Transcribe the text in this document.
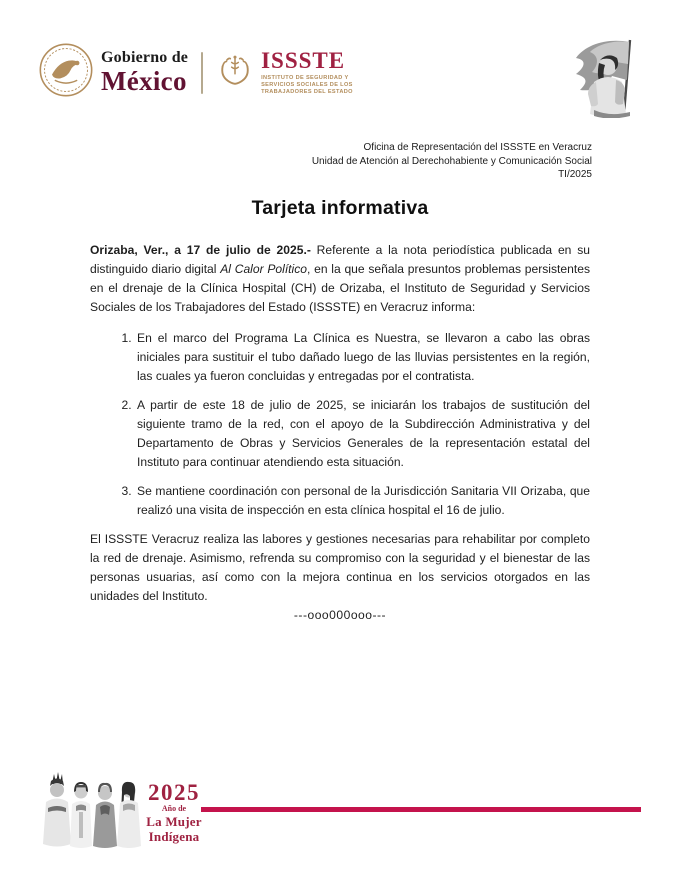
Gobierno de
México
ISSSTE
INSTITUTO DE SEGURIDAD Y SERVICIOS SOCIALES DE LOS TRABAJADORES DEL ESTADO
Oficina de Representación del ISSSTE en Veracruz
Unidad de Atención al Derechohabiente y Comunicación Social
TI/2025
Tarjeta informativa

Orizaba, Ver., a 17 de julio de 2025.- Referente a la nota periodística publicada en su distinguido diario digital Al Calor Político, en la que señala presuntos problemas persistentes en el drenaje de la Clínica Hospital (CH) de Orizaba, el Instituto de Seguridad y Servicios Sociales de los Trabajadores del Estado (ISSSTE) en Veracruz informa:

1. En el marco del Programa La Clínica es Nuestra, se llevaron a cabo las obras iniciales para sustituir el tubo dañado luego de las lluvias persistentes en la región, las cuales ya fueron concluidas y entregadas por el contratista.
2. A partir de este 18 de julio de 2025, se iniciarán los trabajos de sustitución del siguiente tramo de la red, con el apoyo de la Subdirección Administrativa y del Departamento de Obras y Servicios Generales de la representación estatal del Instituto para continuar atendiendo esta situación.
3. Se mantiene coordinación con personal de la Jurisdicción Sanitaria VII Orizaba, que realizó una visita de inspección en esta clínica hospital el 16 de julio.

El ISSSTE Veracruz realiza las labores y gestiones necesarias para rehabilitar por completo la red de drenaje. Asimismo, refrenda su compromiso con la seguridad y el bienestar de las personas usuarias, así como con la mejora continua en los servicios otorgados en las unidades del Instituto.

---ooo000ooo---

2025
Año de
La Mujer
Indígena
